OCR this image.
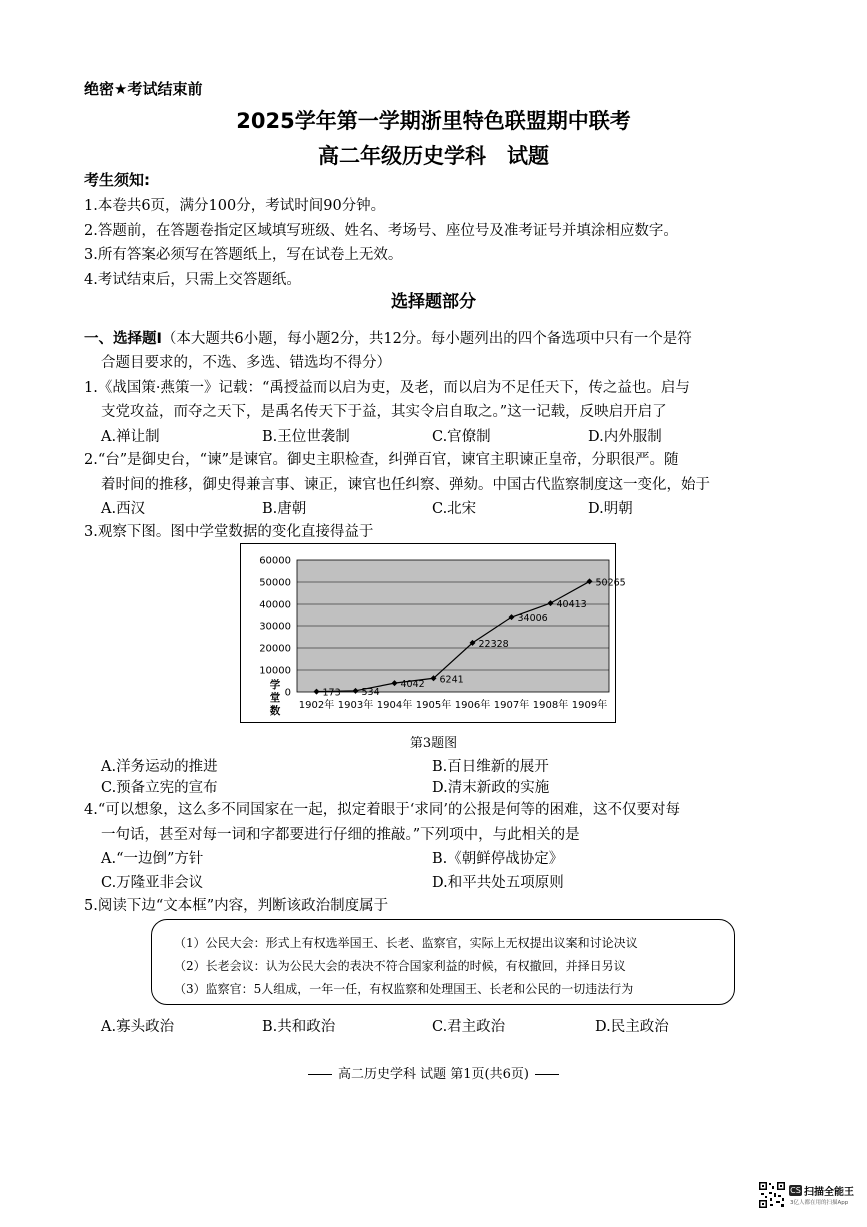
绝密★考试结束前
2025学年第一学期浙里特色联盟期中联考
高二年级历史学科　试题
考生须知:
1.本卷共6页，满分100分，考试时间90分钟。
2.答题前，在答题卷指定区域填写班级、姓名、考场号、座位号及准考证号并填涂相应数字。
3.所有答案必须写在答题纸上，写在试卷上无效。
4.考试结束后，只需上交答题纸。
选择题部分
一、选择题Ⅰ（本大题共6小题，每小题2分，共12分。每小题列出的四个备选项中只有一个是符
合题目要求的，不选、多选、错选均不得分）
1.《战国策·燕策一》记载：“禹授益而以启为吏，及老，而以启为不足任天下，传之益也。启与
支党攻益，而夺之天下，是禹名传天下于益，其实令启自取之。”这一记载，反映启开启了
A.禅让制	B.王位世袭制	C.官僚制	D.内外服制
2.“台”是御史台，“谏”是谏官。御史主职检查，纠弹百官，谏官主职谏正皇帝，分职很严。随
着时间的推移，御史得兼言事、谏正，谏官也任纠察、弹劾。中国古代监察制度这一变化，始于
A.西汉	B.唐朝	C.北宋	D.明朝
3.观察下图。图中学堂数据的变化直接得益于
0
10000
20000
30000
40000
50000
60000
1902年 1903年 1904年 1905年 1906年 1907年 1908年 1909年
学
堂
数
173 534
4042 6241
22328
34006
40413
50265
第3题图
A.洋务运动的推进	B.百日维新的展开
C.预备立宪的宣布	D.清末新政的实施
4.“可以想象，这么多不同国家在一起，拟定着眼于‘求同’的公报是何等的困难，这不仅要对每
一句话，甚至对每一词和字都要进行仔细的推敲。”下列项中，与此相关的是
A.“一边倒”方针	B.《朝鲜停战协定》
C.万隆亚非会议	D.和平共处五项原则
5.阅读下边“文本框”内容，判断该政治制度属于
（1）公民大会：形式上有权选举国王、长老、监察官，实际上无权提出议案和讨论决议
（2）长老会议：认为公民大会的表决不符合国家利益的时候，有权撤回，并择日另议
（3）监察官：5人组成，一年一任，有权监察和处理国王、长老和公民的一切违法行为
A.寡头政治	B.共和政治	C.君主政治	D.民主政治
高二历史学科 试题 第1页(共6页)
CS 扫描全能王
3亿人都在用的扫描App
